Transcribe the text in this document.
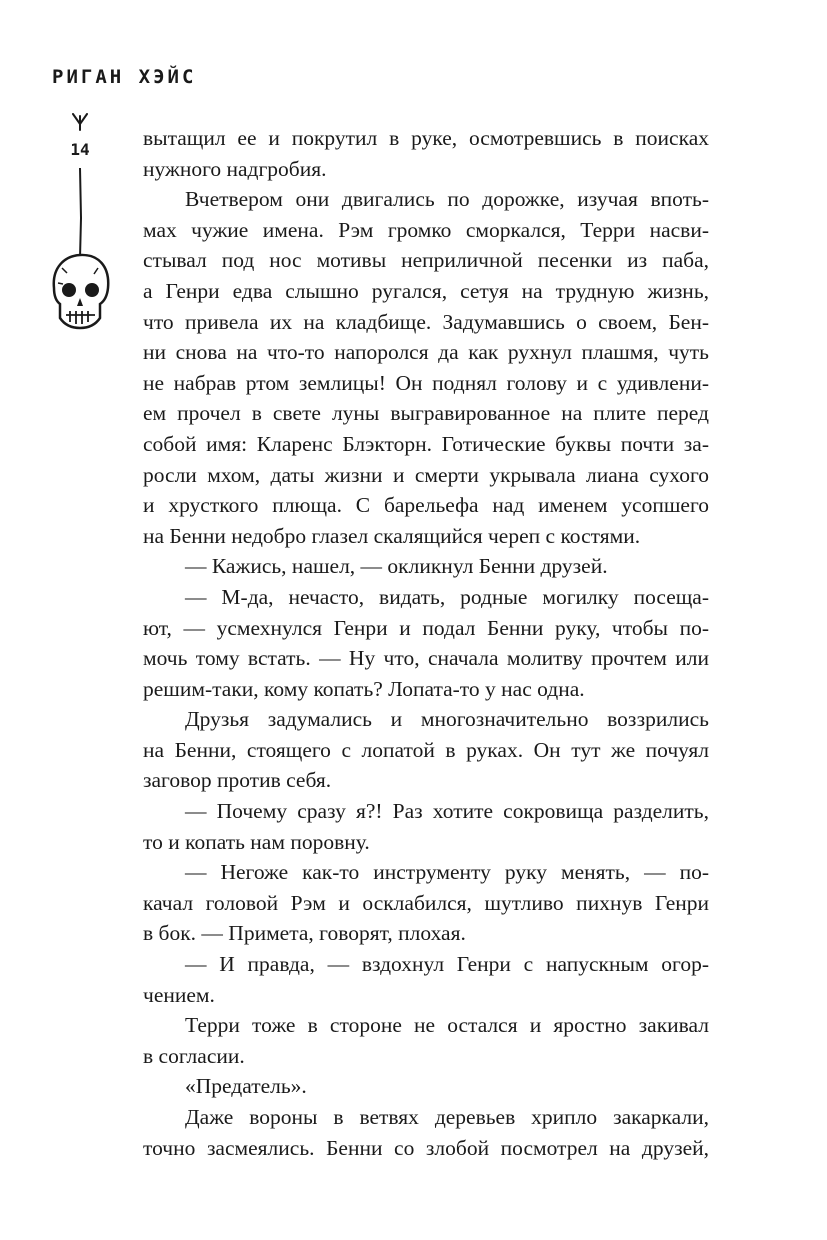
РИГАН ХЭЙС
14	вытащил ее и покрутил в руке, осмотревшись в поисках

нужного надгробия.

Вчетвером они двигались по дорожке, изучая впоть-

мах чужие имена. Рэм громко сморкался, Терри насви-

стывал под нос мотивы неприличной песенки из паба,

а Генри едва слышно ругался, сетуя на трудную жизнь,

что привела их на кладбище. Задумавшись о своем, Бен-

ни снова на что-то напоролся да как рухнул плашмя, чуть

не набрав ртом землицы! Он поднял голову и с удивлени-

ем прочел в свете луны выгравированное на плите перед

собой имя: Кларенс Блэкторн. Готические буквы почти за-

росли мхом, даты жизни и смерти укрывала лиана сухого

и хрусткого плюща. С барельефа над именем усопшего

на Бенни недобро глазел скалящийся череп с костями.

— Кажись, нашел, — окликнул Бенни друзей.

— М-да, нечасто, видать, родные могилку посеща-

ют, — усмехнулся Генри и подал Бенни руку, чтобы по-

мочь тому встать. — Ну что, сначала молитву прочтем или

решим-таки, кому копать? Лопата-то у нас одна.

Друзья задумались и многозначительно воззрились

на Бенни, стоящего с лопатой в руках. Он тут же почуял

заговор против себя.

— Почему сразу я?! Раз хотите сокровища разделить,

то и копать нам поровну.

— Негоже как-то инструменту руку менять, — по-

качал головой Рэм и осклабился, шутливо пихнув Генри

в бок. — Примета, говорят, плохая.

— И правда, — вздохнул Генри с напускным огор-

чением.

Терри тоже в стороне не остался и яростно закивал

в согласии.

«Предатель».

Даже вороны в ветвях деревьев хрипло закаркали,

точно засмеялись. Бенни со злобой посмотрел на друзей,
